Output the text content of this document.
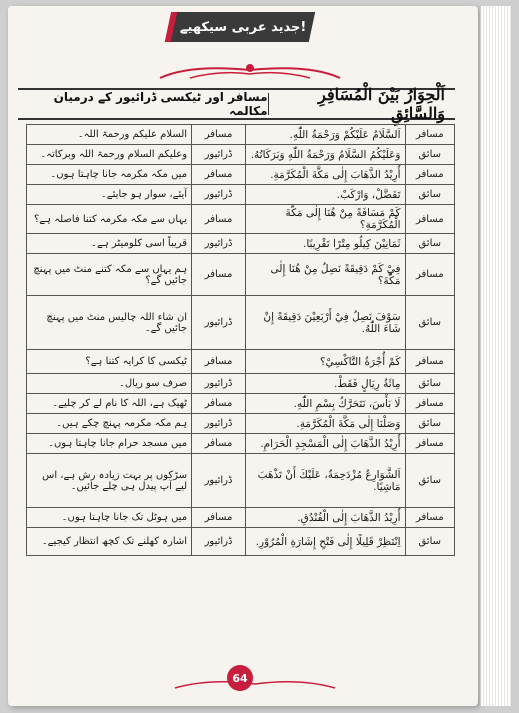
جدید عربی سیکھیے!
اَلْحِوَارُ بَيْنَ الْمُسَافِرِ وَالسَّائِقِ
مسافر اور ٹیکسی ڈرائیور کے درمیان مکالمہ
مسافر	اَلسَّلَامُ عَلَيْكُمْ وَرَحْمَةُ اللّٰهِ.	مسافر	السلام علیکم ورحمۃ اللہ۔
سائق	وَعَلَيْكُمُ السَّلَامُ وَرَحْمَةُ اللّٰهِ وَبَرَكَاتُهُ.	ڈرائیور	وعلیکم السلام ورحمۃ اللہ وبرکاتہ۔
مسافر	أُرِيْدُ الذَّهَابَ إِلٰى مَكَّةَ الْمُكَرَّمَةِ.	مسافر	میں مکہ مکرمہ جانا چاہتا ہوں۔
سائق	تَفَضَّلْ، وَارْكَبْ.	ڈرائیور	آیئے، سوار ہو جایئے۔
مسافر	كَمْ مَسَافَةً مِنْ هُنَا إِلٰى مَكَّةَ الْمُكَرَّمَةِ؟	مسافر	یہاں سے مکہ مکرمہ کتنا فاصلہ ہے؟
سائق	ثَمَانِيْنَ كِيلُو مِتْرًا تَقْرِيبًا.	ڈرائیور	قریباً اسی کلومیٹر ہے۔
مسافر	فِيْ كَمْ دَقِيقَةً نَصِلُ مِنْ هُنَا إِلٰى مَكَّةَ؟	مسافر	ہم یہاں سے مکہ کتنے منٹ میں پہنچ جائیں گے؟
سائق	سَوْفَ نَصِلُ فِيْ أَرْبَعِيْنَ دَقِيقَةً إِنْ شَاءَ اللّٰهُ.	ڈرائیور	ان شاء اللہ چالیس منٹ میں پہنچ جائیں گے۔
مسافر	كَمْ أُجْرَةُ التَّاكْسِيْ؟	مسافر	ٹیکسی کا کرایہ کتنا ہے؟
سائق	مِائَةُ رِيَالٍ فَقَطْ.	ڈرائیور	صرف سو ریال۔
مسافر	لَا بَأْسَ، نَتَحَرَّكُ بِسْمِ اللّٰهِ.	مسافر	ٹھیک ہے، اللہ کا نام لے کر چلیے۔
سائق	وَصَلْنَا إِلٰى مَكَّةَ الْمُكَرَّمَةِ.	ڈرائیور	ہم مکہ مکرمہ پہنچ چکے ہیں۔
مسافر	أُرِيْدُ الذَّهَابَ إِلٰى الْمَسْجِدِ الْحَرَامِ.	مسافر	میں مسجد حرام جانا چاہتا ہوں۔
سائق	اَلشَّوَارِعُ مُزْدَحِمَةٌ، عَلَيْكَ أَنْ تَذْهَبَ مَاشِيًا.	ڈرائیور	سڑکوں پر بہت زیادہ رش ہے، اس لیے آپ پیدل ہی چلے جائیں۔
مسافر	أُرِيْدُ الذَّهَابَ إِلٰى الْفُنْدُقِ.	مسافر	میں ہوٹل تک جانا چاہتا ہوں۔
سائق	اِنْتَظِرْ قَلِيلًا إِلٰى فَتْحِ إِشَارَةِ الْمُرُوْرِ.	ڈرائیور	اشارہ کھلنے تک کچھ انتظار کیجیے۔
64
